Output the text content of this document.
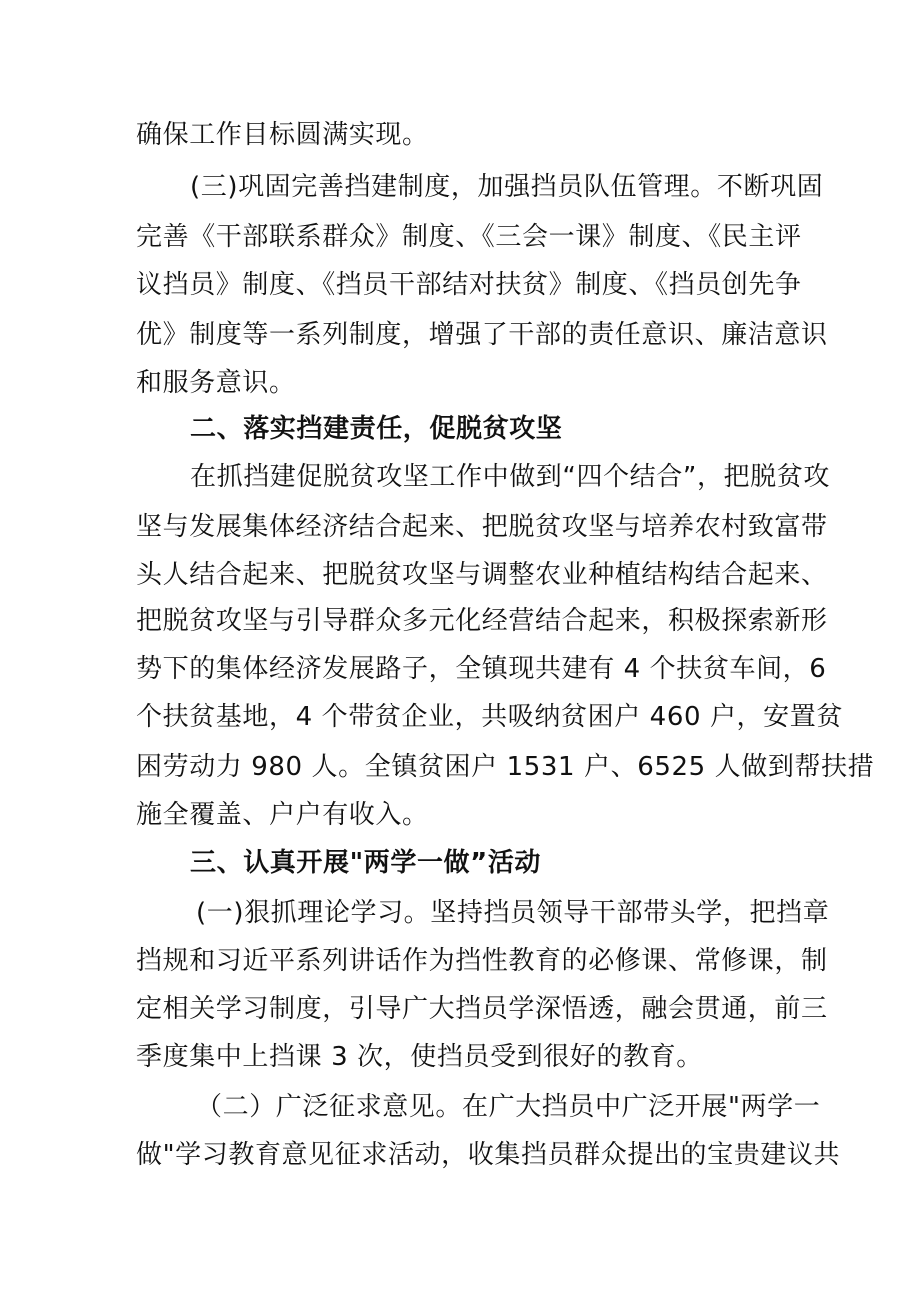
确保工作目标圆满实现。
(三)巩固完善挡建制度，加强挡员队伍管理。不断巩固
完善《干部联系群众》制度、《三会一课》制度、《民主评
议挡员》制度、《挡员干部结对扶贫》制度、《挡员创先争
优》制度等一系列制度，增强了干部的责任意识、廉洁意识
和服务意识。
二、落实挡建责任，促脱贫攻坚
在抓挡建促脱贫攻坚工作中做到“四个结合”，把脱贫攻
坚与发展集体经济结合起来、把脱贫攻坚与培养农村致富带
头人结合起来、把脱贫攻坚与调整农业种植结构结合起来、
把脱贫攻坚与引导群众多元化经营结合起来，积极探索新形
势下的集体经济发展路子，全镇现共建有 4 个扶贫车间，6
个扶贫基地，4 个带贫企业，共吸纳贫困户 460 户，安置贫
困劳动力 980 人。全镇贫困户 1531 户、6525 人做到帮扶措
施全覆盖、户户有收入。
三、认真开展"两学一做”活动
(一)狠抓理论学习。坚持挡员领导干部带头学，把挡章
挡规和习近平系列讲话作为挡性教育的必修课、常修课，制
定相关学习制度，引导广大挡员学深悟透，融会贯通，前三
季度集中上挡课 3 次，使挡员受到很好的教育。
（二）广泛征求意见。在广大挡员中广泛开展"两学一
做"学习教育意见征求活动，收集挡员群众提出的宝贵建议共
